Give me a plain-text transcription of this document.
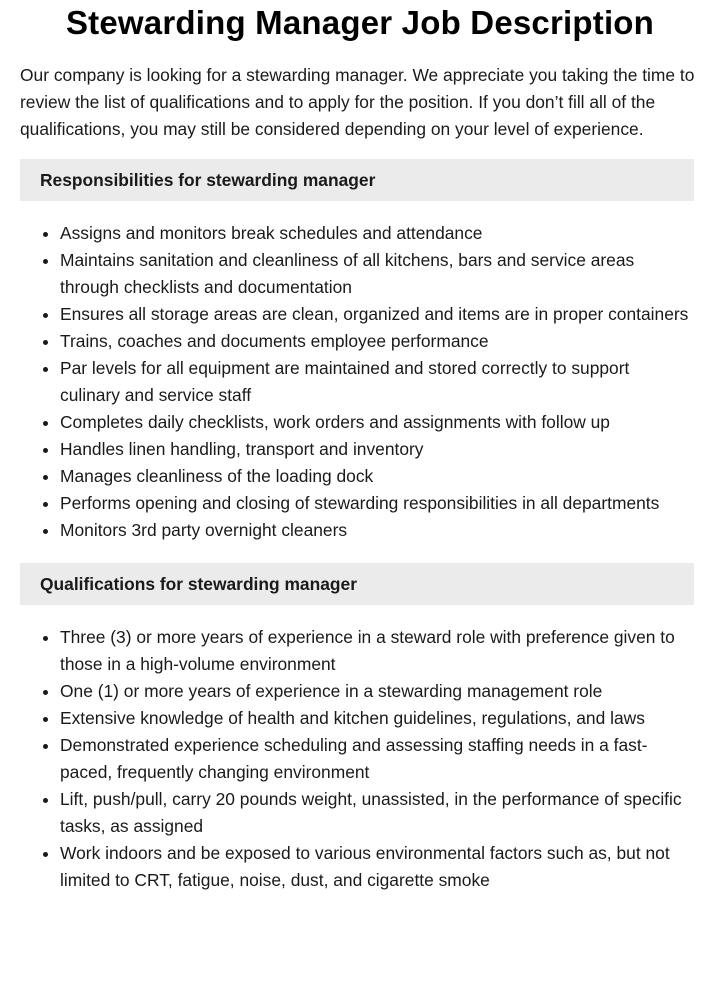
Stewarding Manager Job Description

Our company is looking for a stewarding manager. We appreciate you taking the time to review the list of qualifications and to apply for the position. If you don’t fill all of the qualifications, you may still be considered depending on your level of experience.

Responsibilities for stewarding manager
• Assigns and monitors break schedules and attendance
• Maintains sanitation and cleanliness of all kitchens, bars and service areas through checklists and documentation
• Ensures all storage areas are clean, organized and items are in proper containers
• Trains, coaches and documents employee performance
• Par levels for all equipment are maintained and stored correctly to support culinary and service staff
• Completes daily checklists, work orders and assignments with follow up
• Handles linen handling, transport and inventory
• Manages cleanliness of the loading dock
• Performs opening and closing of stewarding responsibilities in all departments
• Monitors 3rd party overnight cleaners
Qualifications for stewarding manager
• Three (3) or more years of experience in a steward role with preference given to those in a high-volume environment
• One (1) or more years of experience in a stewarding management role
• Extensive knowledge of health and kitchen guidelines, regulations, and laws
• Demonstrated experience scheduling and assessing staffing needs in a fast-paced, frequently changing environment
• Lift, push/pull, carry 20 pounds weight, unassisted, in the performance of specific tasks, as assigned
• Work indoors and be exposed to various environmental factors such as, but not limited to CRT, fatigue, noise, dust, and cigarette smoke
